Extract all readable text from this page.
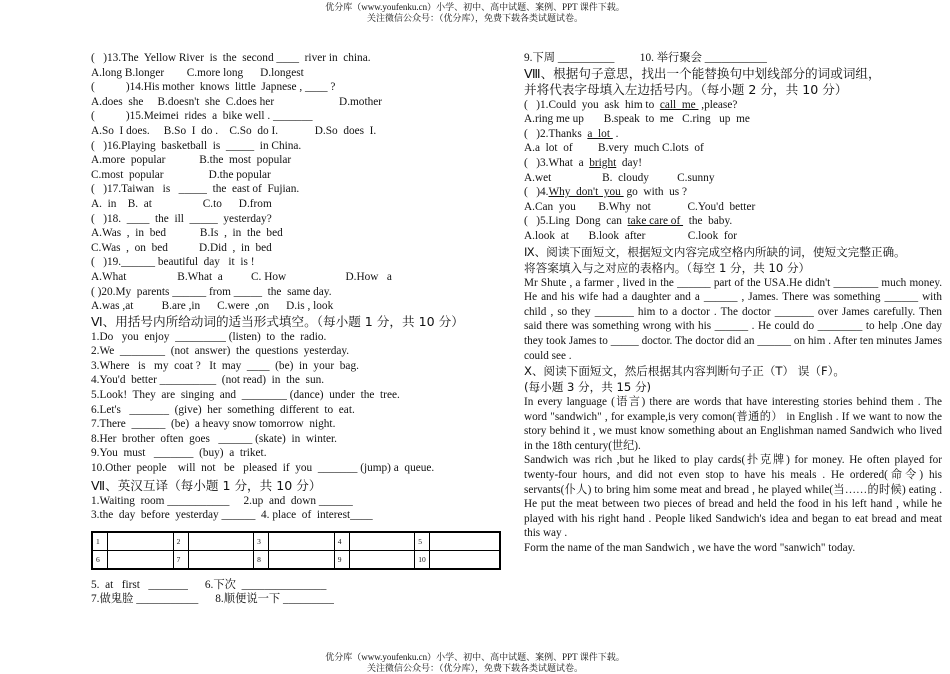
优分库（www.youfenku.cn）小学、初中、高中试题、案例、PPT 课件下载。
关注微信公众号：（优分库），免费下载各类试题试卷。
(   )13.The  Yellow River  is  the  second ____  river in  china.
A.long B.longer        C.more long      D.longest
(           )14.His mother  knows  little  Japnese , ____ ?
A.does  she     B.doesn't  she  C.does her                       D.mother
(           )15.Meimei  rides  a  bike well . _______
A.So  I does.     B.So  I  do .    C.So  do I.             D.So  does  I.
(   )16.Playing  basketball  is  _____  in China.
A.more  popular            B.the  most  popular
C.most  popular                D.the popular
(   )17.Taiwan   is   _____  the  east of  Fujian.
A.  in    B.  at                  C.to      D.from
(   )18.  ____  the  ill  _____  yesterday?
A.Was  ,  in  bed            B.Is  ,  in  the  bed
C.Was  ,  on  bed           D.Did  ,  in  bed
(   )19.______ beautiful  day   it  is !
A.What                  B.What  a          C. How                     D.How   a
( )20.My  parents ______ from _____  the  same day.
A.was ,at          B.are ,in      C.were  ,on      D.is , look
Ⅵ、用括号内所给动词的适当形式填空。（每小题 1 分，共 10 分）
1.Do   you  enjoy  _________ (listen)  to  the  radio.
2.We  ________  (not  answer)  the  questions  yesterday.
3.Where   is   my  coat ?   It  may  ____  (be)  in  your  bag.
4.You'd  better __________  (not read)  in  the  sun.
5.Look!  They  are  singing  and  ________ (dance)  under  the  tree.
6.Let's   _______  (give)  her  something  different  to  eat.
7.There  ______  (be)  a heavy snow tomorrow  night.
8.Her  brother  often  goes   ______ (skate)  in  winter.
9.You  must   _______  (buy)  a  triket.
10.Other  people    will  not   be   pleased  if  you  _______ (jump) a  queue.
Ⅶ、英汉互译（每小题 1 分，共 10 分）
1.Waiting  room ___________     2.up  and  down ______
3.the  day  before  yesterday ______  4. place  of  interest____
1		2		3		4		5	
6		7		8		9		10	
5.  at   first   _______      6.下次  _______________
7.做鬼脸 ___________      8.顺便说一下 _________
9.下周 __________         10. 举行聚会 ___________
Ⅷ、根据句子意思，找出一个能替换句中划线部分的词或词组，
并将代表字母填入左边括号内。（每小题 2 分，共 10 分）
(   )1.Could  you  ask  him to  call  me  ,please?
A.ring me up       B.speak  to  me   C.ring   up  me
(   )2.Thanks  a  lot  .
A.a  lot  of         B.very  much C.lots  of
(   )3.What  a  bright  day!
A.wet                  B.  cloudy          C.sunny
(   )4.Why  don't  you  go  with  us ?
A.Can  you        B.Why  not             C.You'd  better
(   )5.Ling  Dong  can  take care of   the  baby.
A.look  at       B.look  after               C.look  for
Ⅸ、阅读下面短文，根据短文内容完成空格内所缺的词，使短文完整正确。
将答案填入与之对应的表格内。（每空 1 分，共 10 分）
Mr Shute , a farmer , lived in the ______ part of the USA.He didn't ________ much money. He and his wife had a daughter and a ______ , James. There was something ______ with child , so they _______ him to a doctor . The doctor _______ over James carefully. Then said there was something wrong with his ______ . He could do ________ to help .One day they took James to _____ doctor. The doctor did an ______ on him . After ten minutes James could see .
X、阅读下面短文，然后根据其内容判断句子正（T） 误（F）。
(每小题 3 分，共 15 分)
In every language (语言) there are words that have interesting stories behind them . The word "sandwich" , for example,is very comon(普通的） in English . If we want to now the story behind it , we must know something about an Englishman named Sandwich who lived in the 18th century(世纪).
Sandwich was rich ,but he liked to play cards(扑克牌) for money. He often played for twenty-four hours, and did not even stop to have his meals . He ordered(命令) his servants(仆人) to bring him some meat and bread , he played while(当……的时候) eating . He put the meat between two pieces of bread and held the food in his left hand , while he played with his right hand . People liked Sandwich's idea and began to eat bread and meat this way .
Form the name of the man Sandwich , we have the word "sanwich" today.
优分库（www.youfenku.cn）小学、初中、高中试题、案例、PPT 课件下载。
关注微信公众号：（优分库），免费下载各类试题试卷。
